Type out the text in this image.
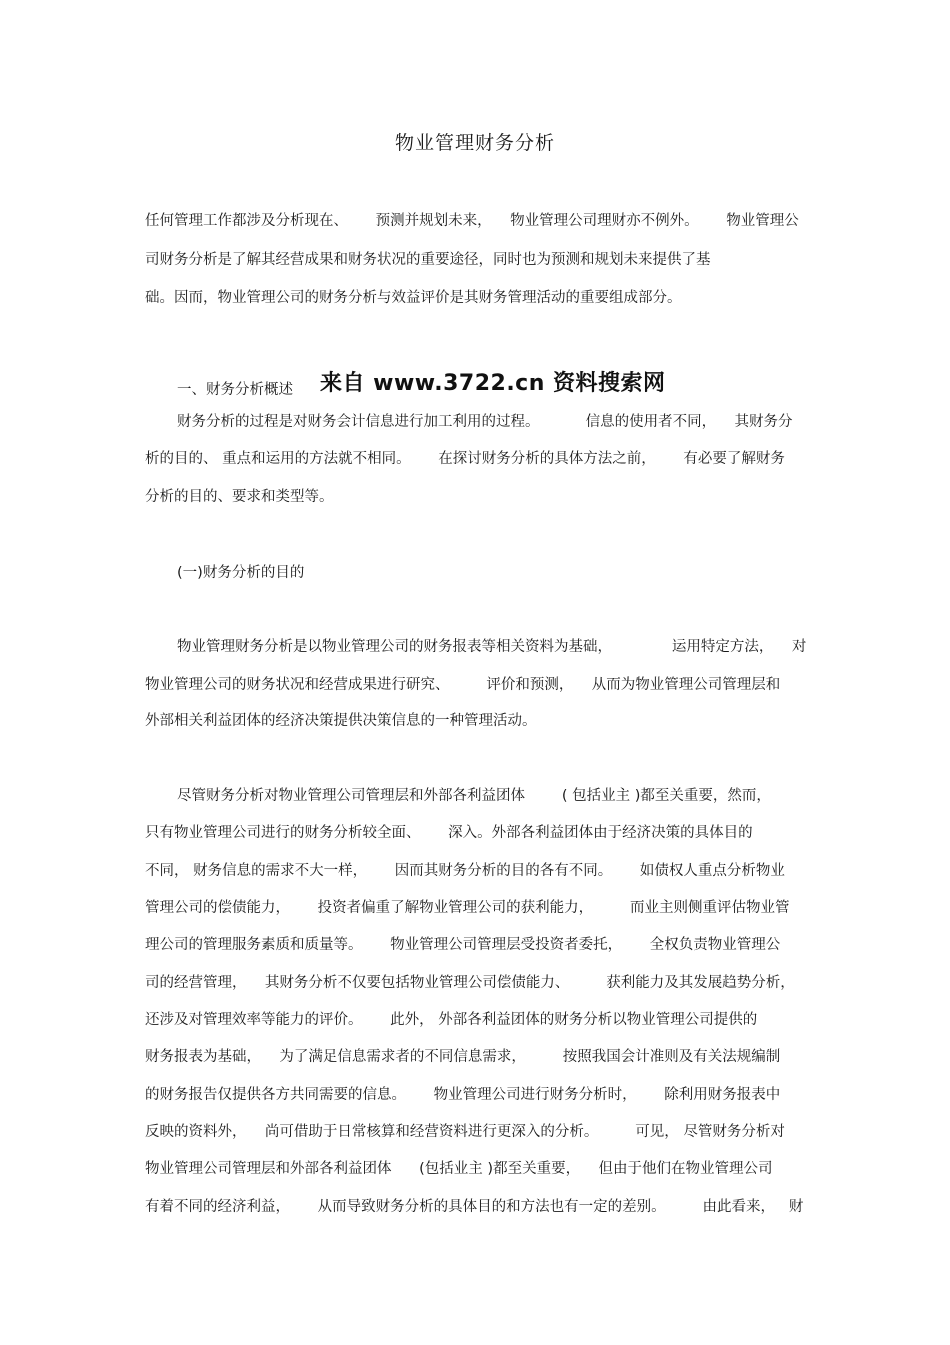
物业管理财务分析
任何管理工作都涉及分析现在、      预测并规划未来，    物业管理公司理财亦不例外。      物业管理公
司财务分析是了解其经营成果和财务状况的重要途径，同时也为预测和规划未来提供了基
础。因而，物业管理公司的财务分析与效益评价是其财务管理活动的重要组成部分。
一、财务分析概述 来自 www.3722.cn 资料搜索网
财务分析的过程是对财务会计信息进行加工利用的过程。          信息的使用者不同，    其财务分
析的目的、 重点和运用的方法就不相同。      在探讨财务分析的具体方法之前，      有必要了解财务
分析的目的、要求和类型等。
(一)财务分析的目的
物业管理财务分析是以物业管理公司的财务报表等相关资料为基础，             运用特定方法，    对
物业管理公司的财务状况和经营成果进行研究、        评价和预测，    从而为物业管理公司管理层和
外部相关利益团体的经济决策提供决策信息的一种管理活动。
尽管财务分析对物业管理公司管理层和外部各利益团体        ( 包括业主 )都至关重要，然而，
只有物业管理公司进行的财务分析较全面、      深入。外部各利益团体由于经济决策的具体目的
不同， 财务信息的需求不大一样，      因而其财务分析的目的各有不同。      如债权人重点分析物业
管理公司的偿债能力，      投资者偏重了解物业管理公司的获利能力，        而业主则侧重评估物业管
理公司的管理服务素质和质量等。      物业管理公司管理层受投资者委托，      全权负责物业管理公
司的经营管理，    其财务分析不仅要包括物业管理公司偿债能力、        获利能力及其发展趋势分析，
还涉及对管理效率等能力的评价。      此外， 外部各利益团体的财务分析以物业管理公司提供的
财务报表为基础，    为了满足信息需求者的不同信息需求，        按照我国会计准则及有关法规编制
的财务报告仅提供各方共同需要的信息。      物业管理公司进行财务分析时，      除利用财务报表中
反映的资料外，    尚可借助于日常核算和经营资料进行更深入的分析。        可见， 尽管财务分析对
物业管理公司管理层和外部各利益团体      (包括业主 )都至关重要，    但由于他们在物业管理公司
有着不同的经济利益，      从而导致财务分析的具体目的和方法也有一定的差别。        由此看来，   财
